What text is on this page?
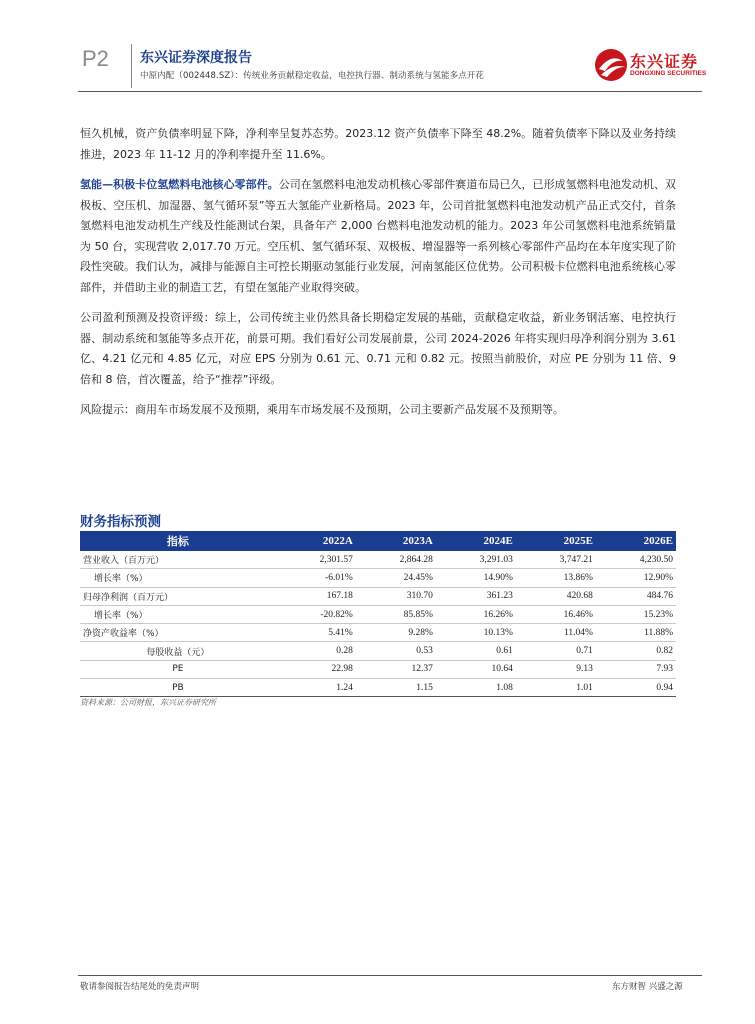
P2 东兴证券深度报告
中原内配（002448.SZ）：传统业务贡献稳定收益，电控执行器、制动系统与氢能多点开花
东兴证券
DONGXING SECURITIES

恒久机械，资产负债率明显下降，净利率呈复苏态势。2023.12 资产负债率下降至 48.2%。随着负债率下降以及业务持续推进，2023 年 11-12 月的净利率提升至 11.6%。

氢能—积极卡位氢燃料电池核心零部件。公司在氢燃料电池发动机核心零部件赛道布局已久，已形成氢燃料电池发动机、双极板、空压机、加湿器、氢气循环泵”等五大氢能产业新格局。2023 年，公司首批氢燃料电池发动机产品正式交付，首条氢燃料电池发动机生产线及性能测试台架，具备年产 2,000 台燃料电池发动机的能力。2023 年公司氢燃料电池系统销量为 50 台，实现营收 2,017.70 万元。空压机、氢气循环泵、双极板、增湿器等一系列核心零部件产品均在本年度实现了阶段性突破。我们认为，减排与能源自主可控长期驱动氢能行业发展，河南氢能区位优势。公司积极卡位燃料电池系统核心零部件，并借助主业的制造工艺，有望在氢能产业取得突破。

公司盈利预测及投资评级：综上，公司传统主业仍然具备长期稳定发展的基础，贡献稳定收益，新业务钢活塞、电控执行器、制动系统和氢能等多点开花，前景可期。我们看好公司发展前景，公司 2024-2026 年将实现归母净利润分别为 3.61 亿、4.21 亿元和 4.85 亿元，对应 EPS 分别为 0.61 元、0.71 元和 0.82 元。按照当前股价，对应 PE 分别为 11 倍、9 倍和 8 倍，首次覆盖，给予“推荐”评级。

风险提示：商用车市场发展不及预期，乘用车市场发展不及预期，公司主要新产品发展不及预期等。

财务指标预测
指标	2022A	2023A	2024E	2025E	2026E
营业收入（百万元）	2,301.57	2,864.28	3,291.03	3,747.21	4,230.50
增长率（%）	-6.01%	24.45%	14.90%	13.86%	12.90%
归母净利润（百万元）	167.18	310.70	361.23	420.68	484.76
增长率（%）	-20.82%	85.85%	16.26%	16.46%	15.23%
净资产收益率（%）	5.41%	9.28%	10.13%	11.04%	11.88%
每股收益（元）	0.28	0.53	0.61	0.71	0.82
PE	22.98	12.37	10.64	9.13	7.93
PB	1.24	1.15	1.08	1.01	0.94
资料来源：公司财报，东兴证券研究所
敬请参阅报告结尾处的免责声明	东方财智 兴盛之源
